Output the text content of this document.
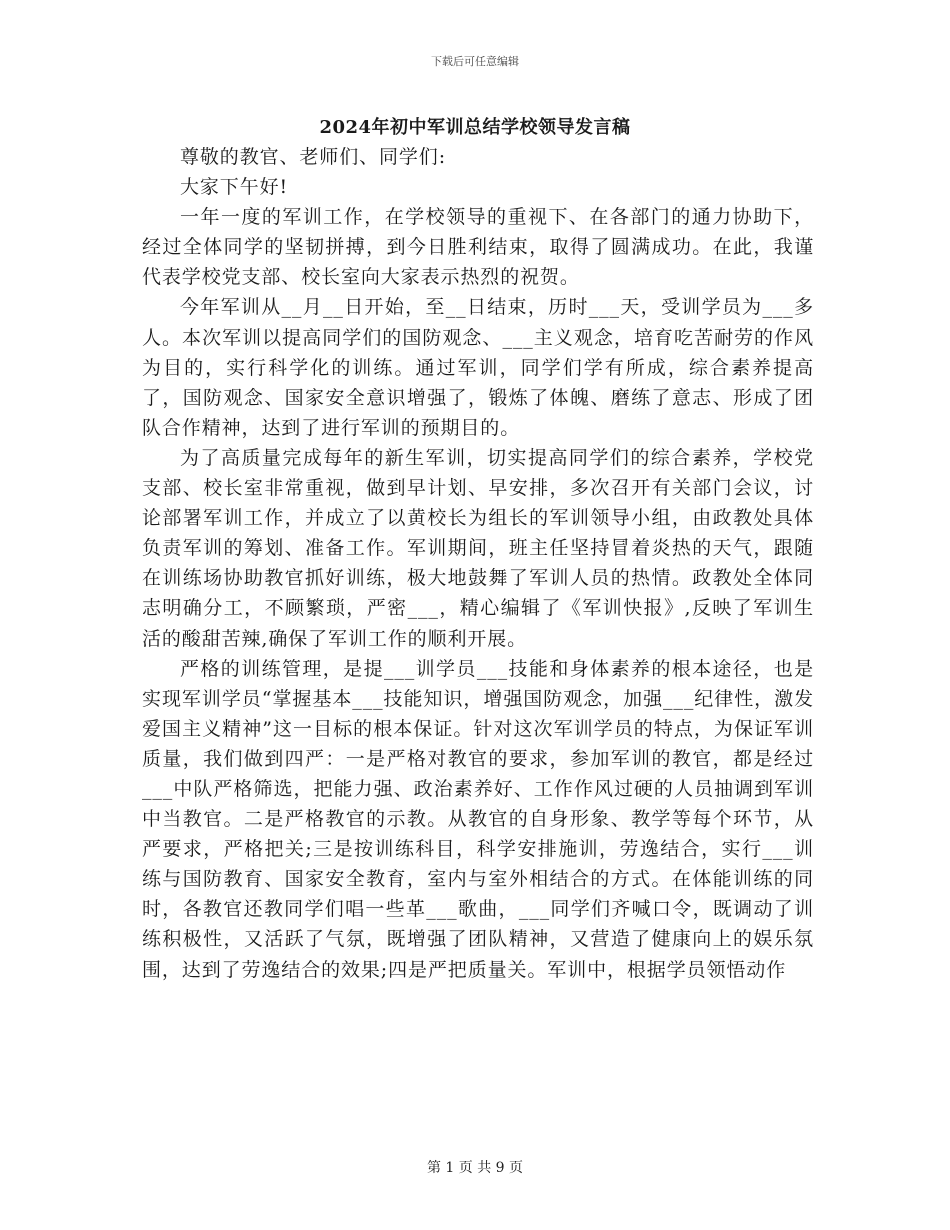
下载后可任意编辑
2024年初中军训总结学校领导发言稿

尊敬的教官、老师们、同学们:

大家下午好!

一年一度的军训工作，在学校领导的重视下、在各部门的通力协助下，经过全体同学的坚韧拼搏，到今日胜利结束，取得了圆满成功。在此，我谨代表学校党支部、校长室向大家表示热烈的祝贺。

今年军训从__月__日开始，至__日结束，历时___天，受训学员为___多人。本次军训以提高同学们的国防观念、___主义观念，培育吃苦耐劳的作风为目的，实行科学化的训练。通过军训，同学们学有所成，综合素养提高了，国防观念、国家安全意识增强了，锻炼了体魄、磨练了意志、形成了团队合作精神，达到了进行军训的预期目的。

为了高质量完成每年的新生军训，切实提高同学们的综合素养，学校党支部、校长室非常重视，做到早计划、早安排，多次召开有关部门会议，讨论部署军训工作，并成立了以黄校长为组长的军训领导小组，由政教处具体负责军训的筹划、准备工作。军训期间，班主任坚持冒着炎热的天气，跟随在训练场协助教官抓好训练，极大地鼓舞了军训人员的热情。政教处全体同志明确分工，不顾繁琐，严密___，精心编辑了《军训快报》,反映了军训生活的酸甜苦辣,确保了军训工作的顺利开展。

严格的训练管理，是提___训学员___技能和身体素养的根本途径，也是实现军训学员“掌握基本___技能知识，增强国防观念，加强___纪律性，激发爱国主义精神”这一目标的根本保证。针对这次军训学员的特点，为保证军训质量，我们做到四严：一是严格对教官的要求，参加军训的教官，都是经过___中队严格筛选，把能力强、政治素养好、工作作风过硬的人员抽调到军训中当教官。二是严格教官的示教。从教官的自身形象、教学等每个环节，从严要求，严格把关;三是按训练科目，科学安排施训，劳逸结合，实行___训练与国防教育、国家安全教育，室内与室外相结合的方式。在体能训练的同时，各教官还教同学们唱一些革___歌曲，___同学们齐喊口令，既调动了训练积极性，又活跃了气氛，既增强了团队精神，又营造了健康向上的娱乐氛围，达到了劳逸结合的效果;四是严把质量关。军训中，根据学员领悟动作

第 1 页 共 9 页
